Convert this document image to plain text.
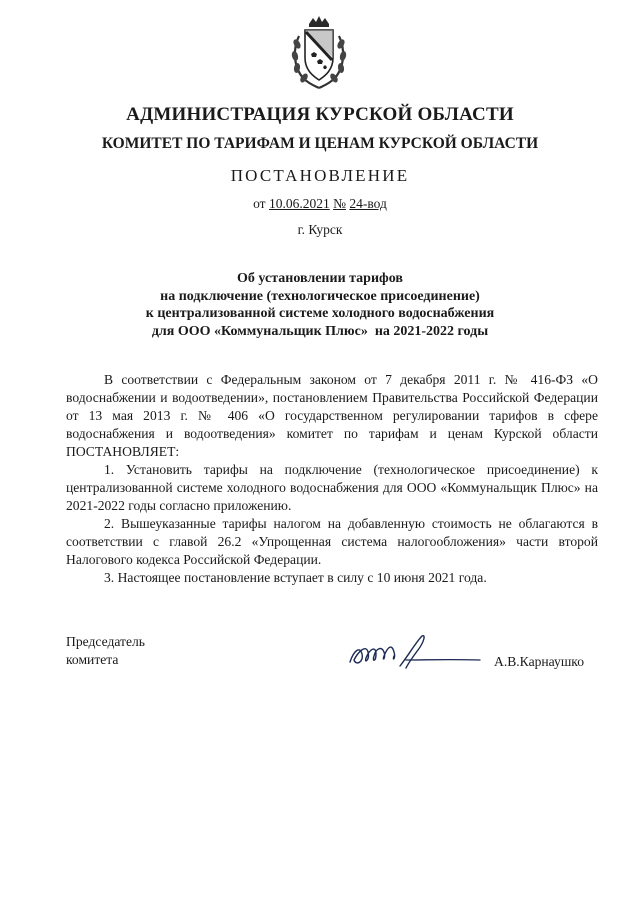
АДМИНИСТРАЦИЯ КУРСКОЙ ОБЛАСТИ
КОМИТЕТ ПО ТАРИФАМ И ЦЕНАМ КУРСКОЙ ОБЛАСТИ
ПОСТАНОВЛЕНИЕ
от 10.06.2021 № 24-вод
г. Курск
Об установлении тарифов
на подключение (технологическое присоединение)
к централизованной системе холодного водоснабжения
для ООО «Коммунальщик Плюс»  на 2021-2022 годы

В соответствии с Федеральным законом от 7 декабря 2011 г. № 416-ФЗ «О водоснабжении и водоотведении», постановлением Правительства Российской Федерации от 13 мая 2013 г. № 406 «О государственном регулировании тарифов в сфере водоснабжения и водоотведения» комитет по тарифам и ценам Курской области ПОСТАНОВЛЯЕТ:

1. Установить тарифы на подключение (технологическое присоединение) к централизованной системе холодного водоснабжения для ООО «Коммунальщик Плюс» на 2021-2022 годы согласно приложению.

2. Вышеуказанные тарифы налогом на добавленную стоимость не облагаются в соответствии с главой 26.2 «Упрощенная система налогообложения» части второй Налогового кодекса Российской Федерации.

3. Настоящее постановление вступает в силу с 10 июня 2021 года.

Председатель
комитета	А.В.Карнаушко
